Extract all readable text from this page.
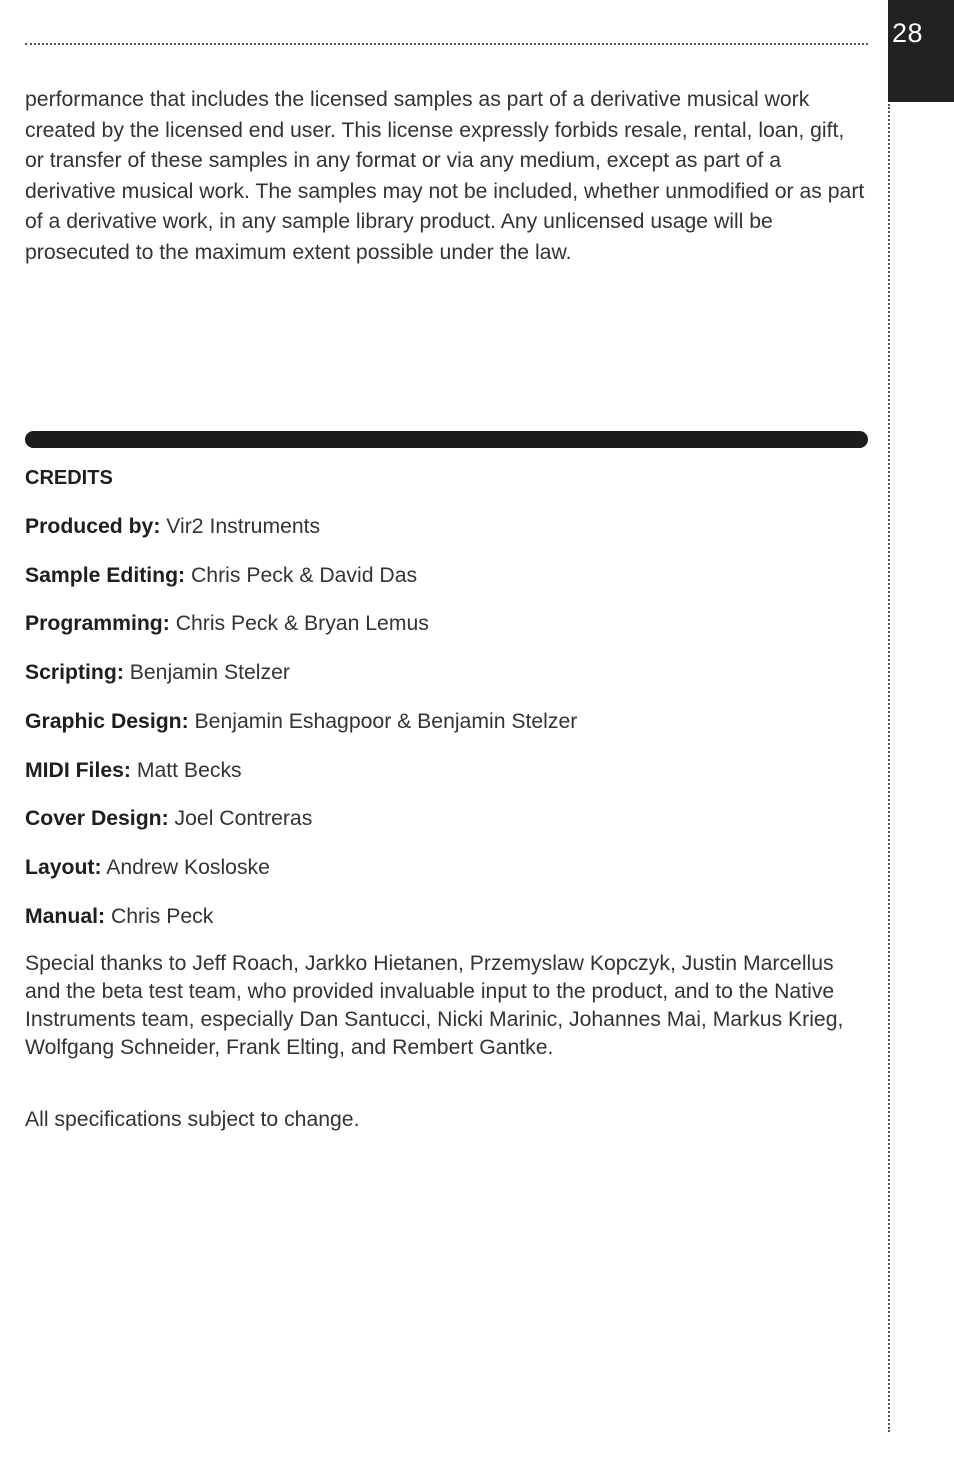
28

performance that includes the licensed samples as part of a derivative musical work created by the licensed end user. This license expressly forbids resale, rental, loan, gift, or transfer of these samples in any format or via any medium, except as part of a derivative musical work. The samples may not be included, whether unmodified or as part of a derivative work, in any sample library product. Any unlicensed usage will be prosecuted to the maximum extent possible under the law.

CREDITS

Produced by: Vir2 Instruments

Sample Editing: Chris Peck & David Das

Programming: Chris Peck & Bryan Lemus

Scripting: Benjamin Stelzer

Graphic Design: Benjamin Eshagpoor & Benjamin Stelzer

MIDI Files: Matt Becks

Cover Design: Joel Contreras

Layout: Andrew Kosloske

Manual: Chris Peck

Special thanks to Jeff Roach, Jarkko Hietanen, Przemyslaw Kopczyk, Justin Marcellus and the beta test team, who provided invaluable input to the product, and to the Native Instruments team, especially Dan Santucci, Nicki Marinic, Johannes Mai, Markus Krieg, Wolfgang Schneider, Frank Elting, and Rembert Gantke.

All specifications subject to change.
